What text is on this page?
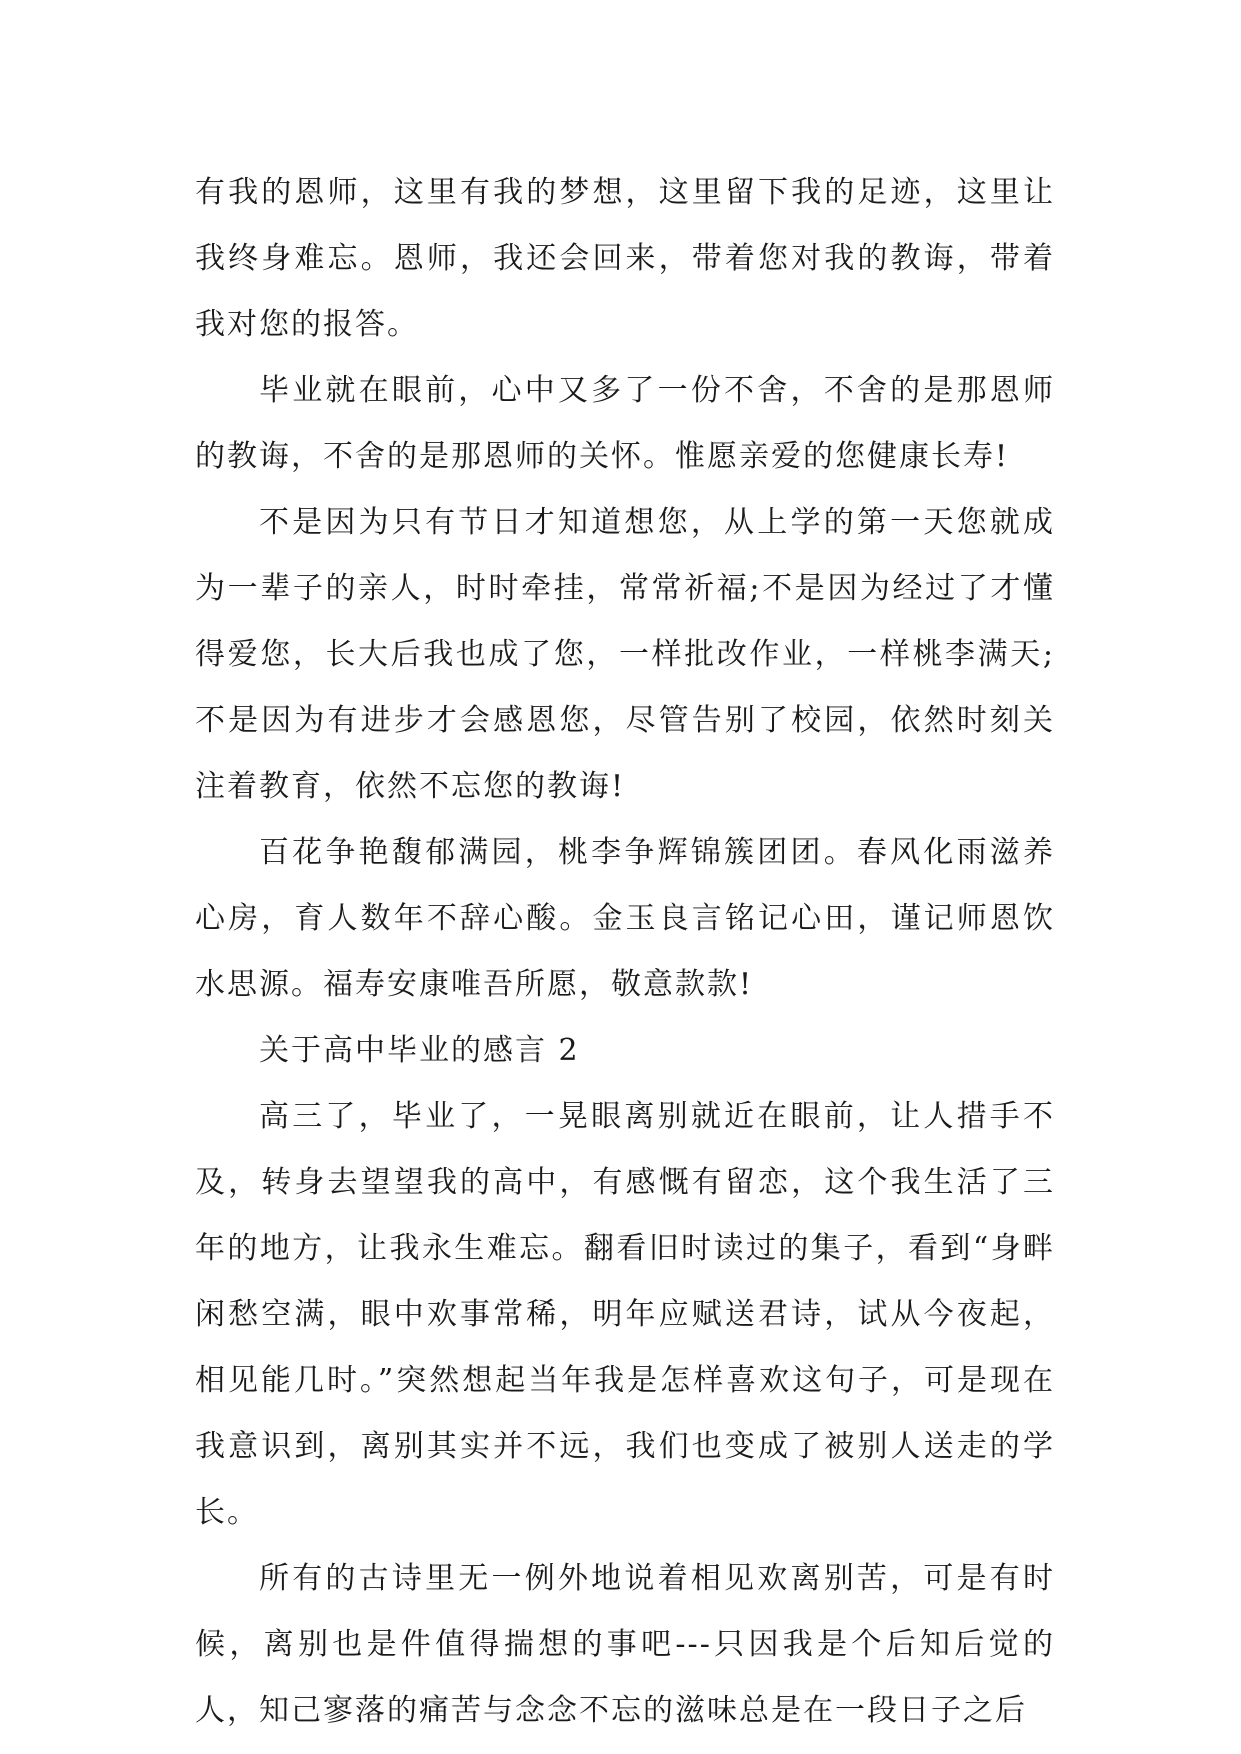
有我的恩师，这里有我的梦想，这里留下我的足迹，这里让我终身难忘。恩师，我还会回来，带着您对我的教诲，带着我对您的报答。

毕业就在眼前，心中又多了一份不舍，不舍的是那恩师的教诲，不舍的是那恩师的关怀。惟愿亲爱的您健康长寿!

不是因为只有节日才知道想您，从上学的第一天您就成为一辈子的亲人，时时牵挂，常常祈福;不是因为经过了才懂得爱您，长大后我也成了您，一样批改作业，一样桃李满天;不是因为有进步才会感恩您，尽管告别了校园，依然时刻关注着教育，依然不忘您的教诲!

百花争艳馥郁满园，桃李争辉锦簇团团。春风化雨滋养心房，育人数年不辞心酸。金玉良言铭记心田，谨记师恩饮水思源。福寿安康唯吾所愿，敬意款款!

关于高中毕业的感言 2

高三了，毕业了，一晃眼离别就近在眼前，让人措手不及，转身去望望我的高中，有感慨有留恋，这个我生活了三年的地方，让我永生难忘。翻看旧时读过的集子，看到“身畔闲愁空满，眼中欢事常稀，明年应赋送君诗，试从今夜起，相见能几时。”突然想起当年我是怎样喜欢这句子，可是现在我意识到，离别其实并不远，我们也变成了被别人送走的学长。

所有的古诗里无一例外地说着相见欢离别苦，可是有时候，离别也是件值得揣想的事吧---只因我是个后知后觉的人，知己寥落的痛苦与念念不忘的滋味总是在一段日子之后
